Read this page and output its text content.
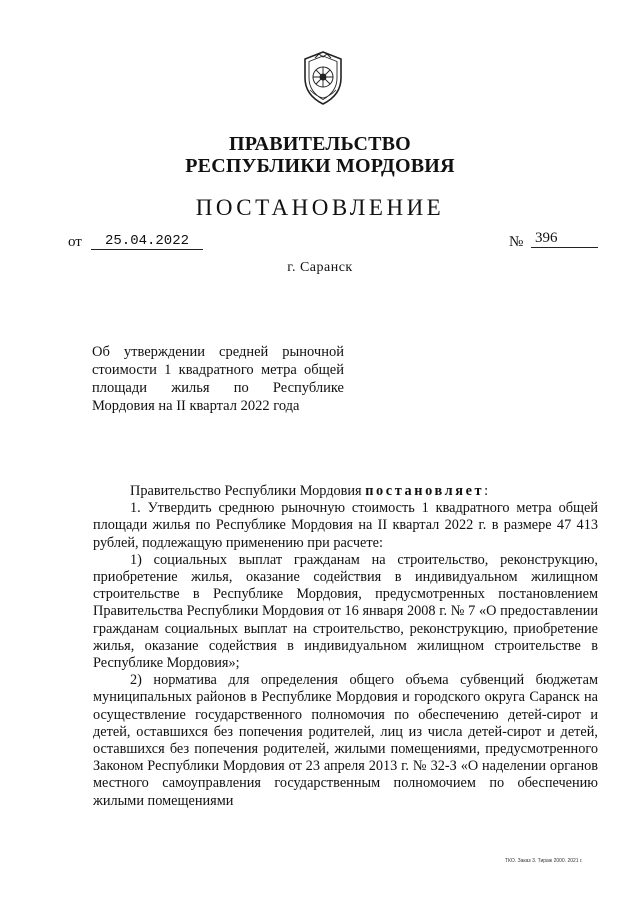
ПРАВИТЕЛЬСТВО
РЕСПУБЛИКИ МОРДОВИЯ
ПОСТАНОВЛЕНИЕ
от	25.04.2022	№ 396
г. Саранск
Об утверждении средней рыночной стоимости 1 квадратного метра общей площади жилья по Республике Мордовия на II квартал 2022 года

Правительство Республики Мордовия постановляет:

1. Утвердить среднюю рыночную стоимость 1 квадратного метра общей площади жилья по Республике Мордовия на II квартал 2022 г. в размере 47 413 рублей, подлежащую применению при расчете:

1) социальных выплат гражданам на строительство, реконструкцию, приобретение жилья, оказание содействия в индивидуальном жилищном строительстве в Республике Мордовия, предусмотренных постановлением Правительства Республики Мордовия от 16 января 2008 г. № 7 «О предоставлении гражданам социальных выплат на строительство, реконструкцию, приобретение жилья, оказание содействия в индивидуальном жилищном строительстве в Республике Мордовия»;

2) норматива для определения общего объема субвенций бюджетам муниципальных районов в Республике Мордовия и городского округа Саранск на осуществление государственного полномочия по обеспечению детей-сирот и детей, оставшихся без попечения родителей, лиц из числа детей-сирот и детей, оставшихся без попечения родителей, жилыми помещениями, предусмотренного Законом Республики Мордовия от 23 апреля 2013 г. № 32-З «О наделении органов местного самоуправления государственным полномочием по обеспечению жилыми помещениями

ТКО. Заказ 3. Тираж 2000. 2021 г.
